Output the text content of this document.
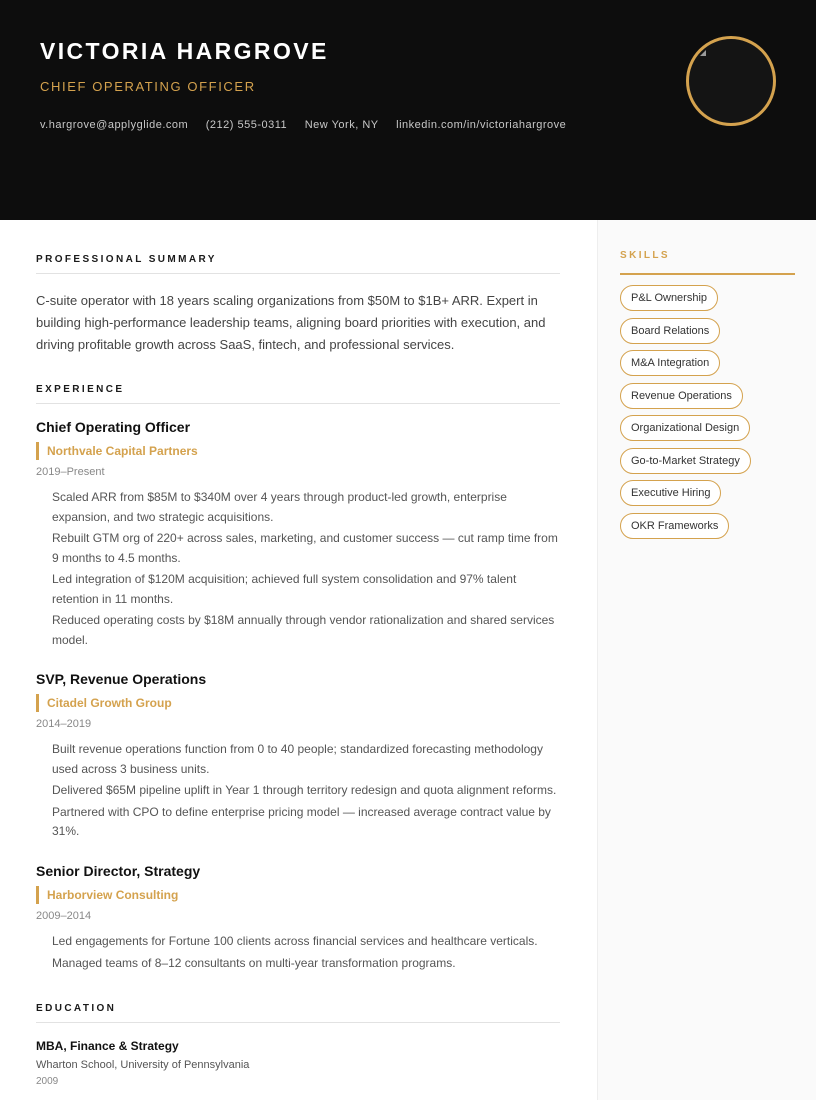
VICTORIA HARGROVE
CHIEF OPERATING OFFICER
v.hargrove@applyglide.com (212) 555-0311 New York, NY linkedin.com/in/victoriahargrove
PROFESSIONAL SUMMARY

C-suite operator with 18 years scaling organizations from $50M to $1B+ ARR. Expert in building high-performance leadership teams, aligning board priorities with execution, and driving profitable growth across SaaS, fintech, and professional services.

EXPERIENCE
Chief Operating Officer
Northvale Capital Partners
2019–Present
Scaled ARR from $85M to $340M over 4 years through product-led growth, enterprise expansion, and two strategic acquisitions.
Rebuilt GTM org of 220+ across sales, marketing, and customer success — cut ramp time from 9 months to 4.5 months.
Led integration of $120M acquisition; achieved full system consolidation and 97% talent retention in 11 months.
Reduced operating costs by $18M annually through vendor rationalization and shared services model.
SVP, Revenue Operations
Citadel Growth Group
2014–2019
Built revenue operations function from 0 to 40 people; standardized forecasting methodology used across 3 business units.
Delivered $65M pipeline uplift in Year 1 through territory redesign and quota alignment reforms.
Partnered with CPO to define enterprise pricing model — increased average contract value by 31%.
Senior Director, Strategy
Harborview Consulting
2009–2014
Led engagements for Fortune 100 clients across financial services and healthcare verticals.
Managed teams of 8–12 consultants on multi-year transformation programs.
EDUCATION
MBA, Finance & Strategy
Wharton School, University of Pennsylvania
2009
SKILLS
P&L Ownership
Board Relations
M&A Integration
Revenue Operations
Organizational Design
Go-to-Market Strategy
Executive Hiring
OKR Frameworks
